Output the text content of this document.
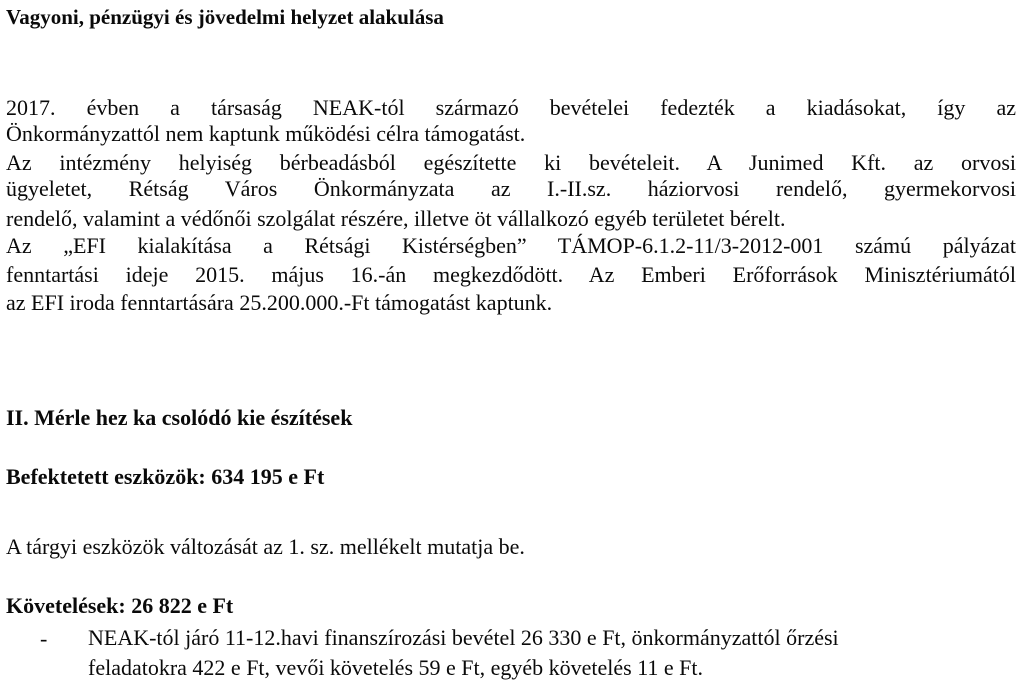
Vagyoni, pénzügyi és jövedelmi helyzet alakulása
2017. évben a társaság NEAK-tól származó bevételei fedezték a kiadásokat, így az
Önkormányzattól nem kaptunk működési célra támogatást.
Az intézmény helyiség bérbeadásból egészítette ki bevételeit. A Junimed Kft. az orvosi
ügyeletet, Rétság Város Önkormányzata az I.-II.sz. háziorvosi rendelő, gyermekorvosi
rendelő, valamint a védőnői szolgálat részére, illetve öt vállalkozó egyéb területet bérelt.
Az „EFI kialakítása a Rétsági Kistérségben” TÁMOP-6.1.2-11/3-2012-001 számú pályázat
fenntartási ideje 2015. május 16.-án megkezdődött. Az Emberi Erőforrások Minisztériumától
az EFI iroda fenntartására 25.200.000.-Ft támogatást kaptunk.
II. Mérle hez ka csolódó kie észítések
Befektetett eszközök: 634 195 e Ft
A tárgyi eszközök változását az 1. sz. mellékelt mutatja be.
Követelések: 26 822 e Ft
- NEAK-tól járó 11-12.havi finanszírozási bevétel 26 330 e Ft, önkormányzattól őrzési
feladatokra 422 e Ft, vevői követelés 59 e Ft, egyéb követelés 11 e Ft.
